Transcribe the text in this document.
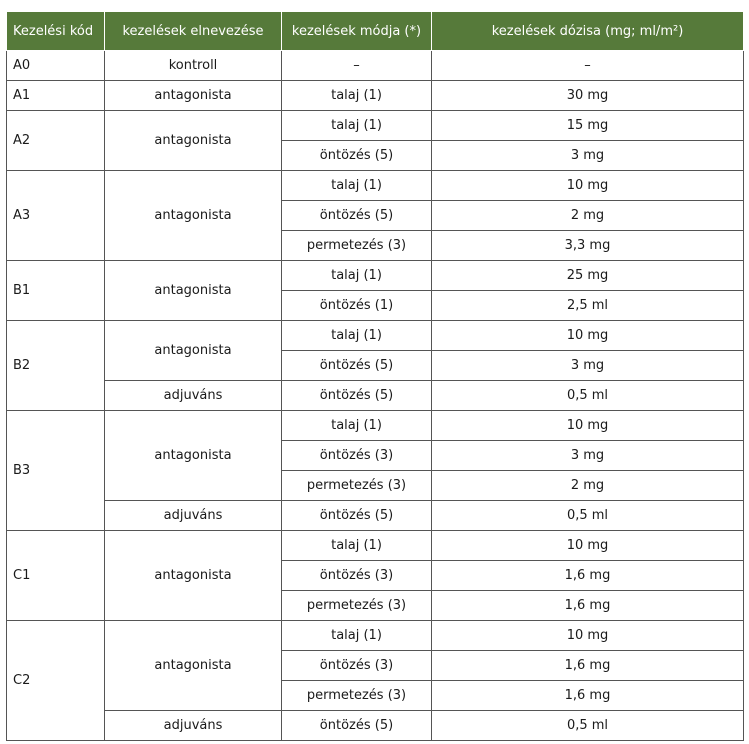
Kezelési kód	kezelések elnevezése	kezelések módja (*)	kezelések dózisa (mg; ml/m²)
A0	kontroll	–	–
A1	antagonista	talaj (1)	30 mg
A2	antagonista	talaj (1)	15 mg
		öntözés (5)	3 mg
A3	antagonista	talaj (1)	10 mg
		öntözés (5)	2 mg
		permetezés (3)	3,3 mg
B1	antagonista	talaj (1)	25 mg
		öntözés (1)	2,5 ml
B2	antagonista	talaj (1)	10 mg
		öntözés (5)	3 mg
	adjuváns	öntözés (5)	0,5 ml
B3	antagonista	talaj (1)	10 mg
		öntözés (3)	3 mg
		permetezés (3)	2 mg
	adjuváns	öntözés (5)	0,5 ml
C1	antagonista	talaj (1)	10 mg
		öntözés (3)	1,6 mg
		permetezés (3)	1,6 mg
C2	antagonista	talaj (1)	10 mg
		öntözés (3)	1,6 mg
		permetezés (3)	1,6 mg
	adjuváns	öntözés (5)	0,5 ml
